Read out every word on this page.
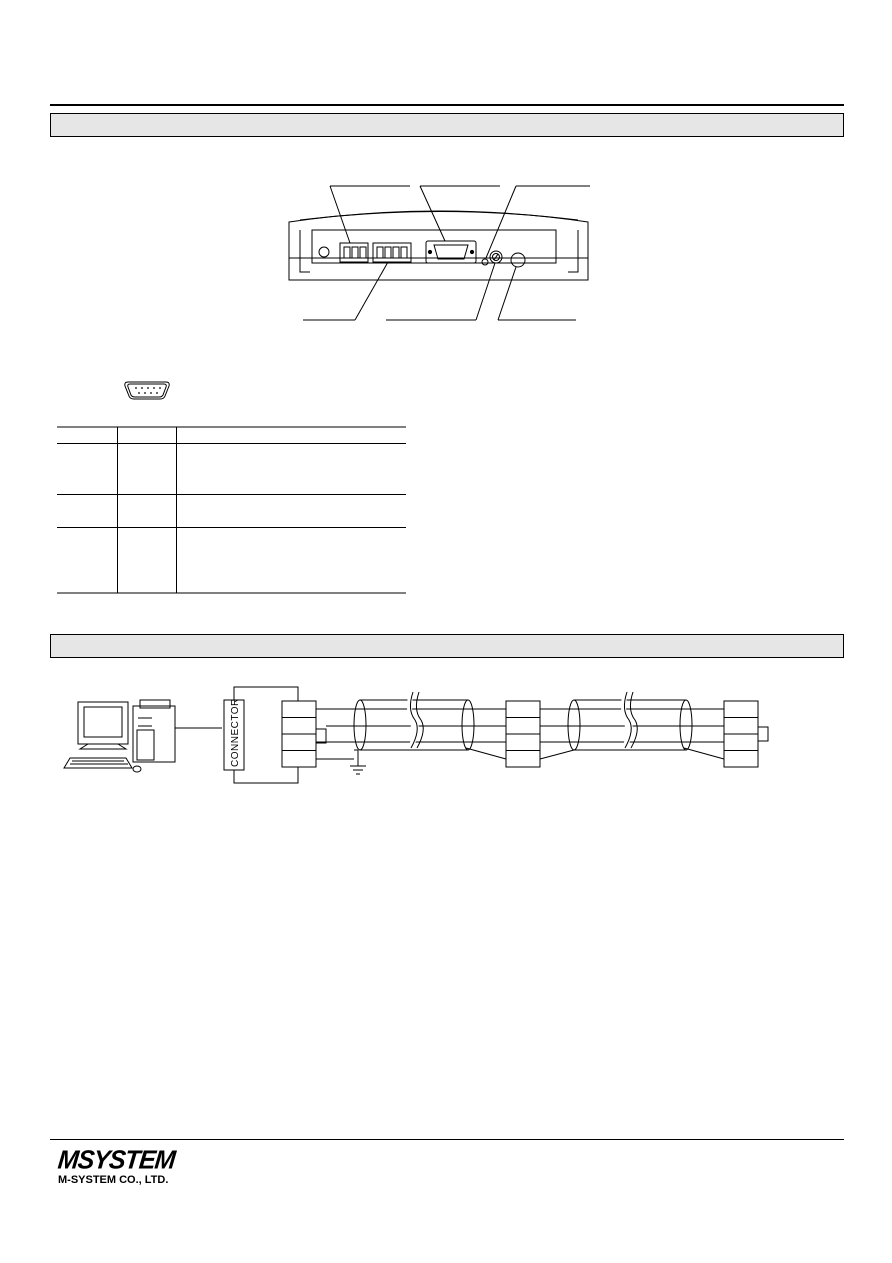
CONNECTOR
MSYSTEM
M-SYSTEM CO., LTD.
